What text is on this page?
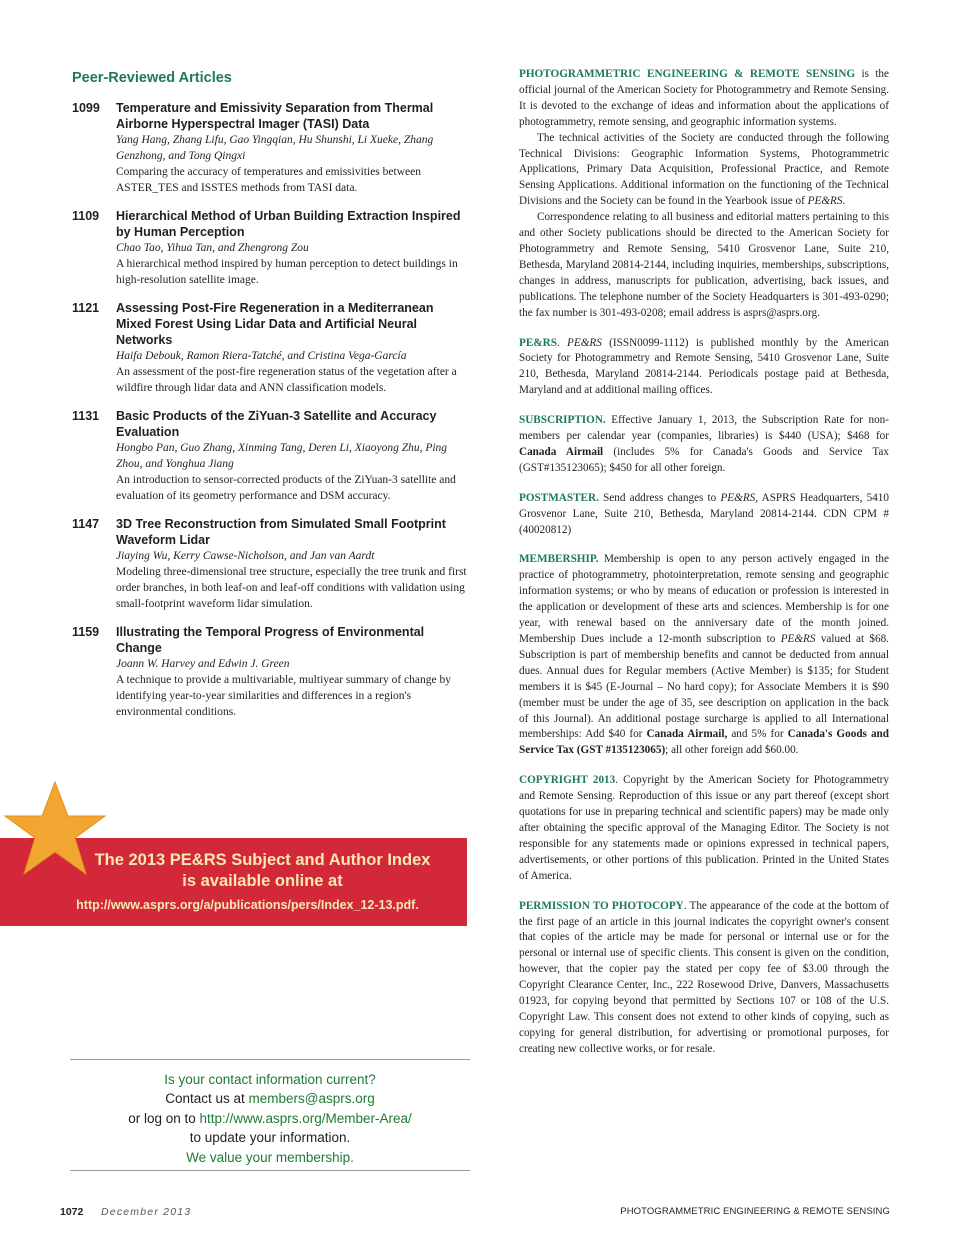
Peer-Reviewed Articles
1099	Temperature and Emissivity Separation from Thermal Airborne Hyperspectral Imager (TASI) Data
Yang Hang, Zhang Lifu, Gao Yingqian, Hu Shunshi, Li Xueke, Zhang Genzhong, and Tong Qingxi
Comparing the accuracy of temperatures and emissivities between ASTER_TES and ISSTES methods from TASI data.
1109	Hierarchical Method of Urban Building Extraction Inspired by Human Perception
Chao Tao, Yihua Tan, and Zhengrong Zou
A hierarchical method inspired by human perception to detect buildings in high-resolution satellite image.
1121	Assessing Post-Fire Regeneration in a Mediterranean Mixed Forest Using Lidar Data and Artificial Neural Networks
Haifa Debouk, Ramon Riera-Tatché, and Cristina Vega-García
An assessment of the post-fire regeneration status of the vegetation after a wildfire through lidar data and ANN classification models.
1131	Basic Products of the ZiYuan-3 Satellite and Accuracy Evaluation
Hongbo Pan, Guo Zhang, Xinming Tang, Deren Li, Xiaoyong Zhu, Ping Zhou, and Yonghua Jiang
An introduction to sensor-corrected products of the ZiYuan-3 satellite and evaluation of its geometry performance and DSM accuracy.
1147	3D Tree Reconstruction from Simulated Small Footprint Waveform Lidar
Jiaying Wu, Kerry Cawse-Nicholson, and Jan van Aardt
Modeling three-dimensional tree structure, especially the tree trunk and first order branches, in both leaf-on and leaf-off conditions with validation using small-footprint waveform lidar simulation.
1159	Illustrating the Temporal Progress of Environmental Change
Joann W. Harvey and Edwin J. Green
A technique to provide a multivariable, multiyear summary of change by identifying year-to-year similarities and differences in a region's environmental conditions.
The 2013 PE&RS Subject and Author Index
is available online at
http://www.asprs.org/a/publications/pers/Index_12-13.pdf.
Is your contact information current?
Contact us at members@asprs.org
or log on to http://www.asprs.org/Member-Area/
to update your information.
We value your membership.

PHOTOGRAMMETRIC ENGINEERING & REMOTE SENSING is the official journal of the American Society for Photogrammetry and Remote Sensing. It is devoted to the exchange of ideas and information about the applications of photogrammetry, remote sensing, and geographic information systems.

The technical activities of the Society are conducted through the following Technical Divisions: Geographic Information Systems, Photogrammetric Applications, Primary Data Acquisition, Professional Practice, and Remote Sensing Applications. Additional information on the functioning of the Technical Divisions and the Society can be found in the Yearbook issue of PE&RS.

Correspondence relating to all business and editorial matters pertaining to this and other Society publications should be directed to the American Society for Photogrammetry and Remote Sensing, 5410 Grosvenor Lane, Suite 210, Bethesda, Maryland 20814-2144, including inquiries, memberships, subscriptions, changes in address, manuscripts for publication, advertising, back issues, and publications. The telephone number of the Society Headquarters is 301-493-0290; the fax number is 301-493-0208; email address is asprs@asprs.org.

PE&RS. PE&RS (ISSN0099-1112) is published monthly by the American Society for Photogrammetry and Remote Sensing, 5410 Grosvenor Lane, Suite 210, Bethesda, Maryland 20814-2144. Periodicals postage paid at Bethesda, Maryland and at additional mailing offices.

SUBSCRIPTION. Effective January 1, 2013, the Subscription Rate for non-members per calendar year (companies, libraries) is $440 (USA); $468 for Canada Airmail (includes 5% for Canada's Goods and Service Tax (GST#135123065); $450 for all other foreign.

POSTMASTER. Send address changes to PE&RS, ASPRS Headquarters, 5410 Grosvenor Lane, Suite 210, Bethesda, Maryland 20814-2144. CDN CPM #(40020812)

MEMBERSHIP. Membership is open to any person actively engaged in the practice of photogrammetry, photointerpretation, remote sensing and geographic information systems; or who by means of education or profession is interested in the application or development of these arts and sciences. Membership is for one year, with renewal based on the anniversary date of the month joined. Membership Dues include a 12-month subscription to PE&RS valued at $68. Subscription is part of membership benefits and cannot be deducted from annual dues. Annual dues for Regular members (Active Member) is $135; for Student members it is $45 (E-Journal – No hard copy); for Associate Members it is $90 (member must be under the age of 35, see description on application in the back of this Journal). An additional postage surcharge is applied to all International memberships: Add $40 for Canada Airmail, and 5% for Canada's Goods and Service Tax (GST #135123065); all other foreign add $60.00.

COPYRIGHT 2013. Copyright by the American Society for Photogrammetry and Remote Sensing. Reproduction of this issue or any part thereof (except short quotations for use in preparing technical and scientific papers) may be made only after obtaining the specific approval of the Managing Editor. The Society is not responsible for any statements made or opinions expressed in technical papers, advertisements, or other portions of this publication. Printed in the United States of America.

PERMISSION TO PHOTOCOPY. The appearance of the code at the bottom of the first page of an article in this journal indicates the copyright owner's consent that copies of the article may be made for personal or internal use or for the personal or internal use of specific clients. This consent is given on the condition, however, that the copier pay the stated per copy fee of $3.00 through the Copyright Clearance Center, Inc., 222 Rosewood Drive, Danvers, Massachusetts 01923, for copying beyond that permitted by Sections 107 or 108 of the U.S. Copyright Law. This consent does not extend to other kinds of copying, such as copying for general distribution, for advertising or promotional purposes, for creating new collective works, or for resale.

1072 December 2013	PHOTOGRAMMETRIC ENGINEERING & REMOTE SENSING
